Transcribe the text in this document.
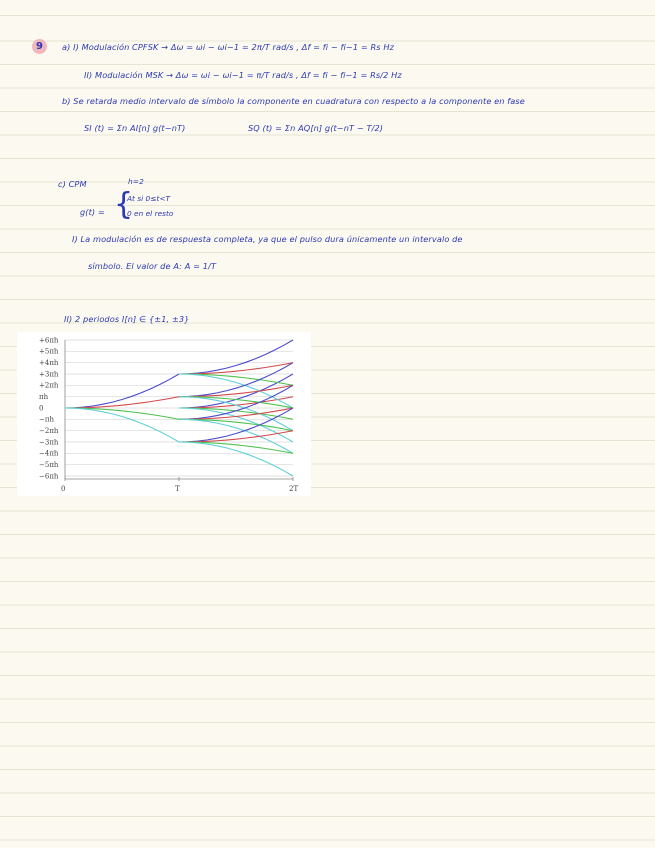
9	a) I) Modulación CPFSK → Δω = ωi − ωi−1 = 2π/T rad/s , Δf = fi − fi−1 = Rs Hz
II) Modulación MSK → Δω = ωi − ωi−1 = π/T rad/s , Δf = fi − fi−1 = Rs/2 Hz
b) Se retarda medio intervalo de símbolo la componente en cuadratura con respecto a la componente en fase
SI (t) = Σn AI[n] g(t−nT)	SQ (t) = Σn AQ[n] g(t−nT − T/2)
c) CPM	h=2
g(t) = {
At si 0≤t<T
0 en el resto
I) La modulación es de respuesta completa, ya que el pulso dura únicamente un intervalo de
símbolo. El valor de A: A = 1/T
II) 2 periodos I[n] ∈ {±1, ±3}
+6πh
+5πh
+4πh
+3πh
+2πh
πh
0
−πh
−2πh
−3πh
−4πh
−5πh
−6πh
0	T	2T
